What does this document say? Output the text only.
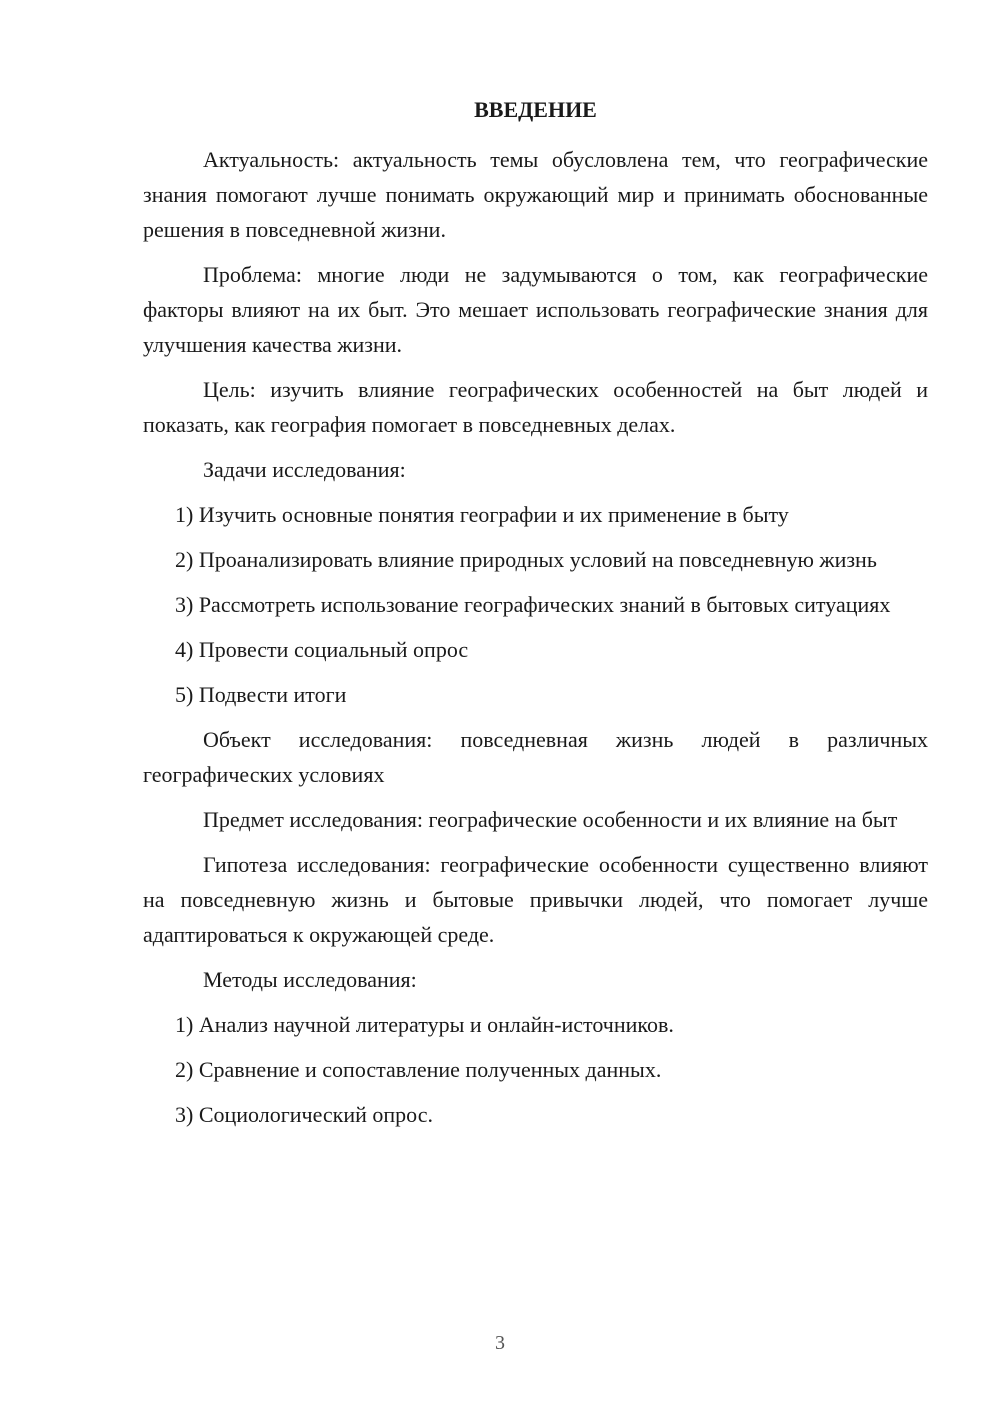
ВВЕДЕНИЕ

Актуальность: актуальность темы обусловлена тем, что географические знания помогают лучше понимать окружающий мир и принимать обоснованные решения в повседневной жизни.

Проблема: многие люди не задумываются о том, как географические факторы влияют на их быт. Это мешает использовать географические знания для улучшения качества жизни.

Цель: изучить влияние географических особенностей на быт людей и показать, как география помогает в повседневных делах.

Задачи исследования:

1) Изучить основные понятия географии и их применение в быту

2) Проанализировать влияние природных условий на повседневную жизнь

3) Рассмотреть использование географических знаний в бытовых ситуациях

4) Провести социальный опрос

5) Подвести итоги

Объект исследования: повседневная жизнь людей в различных географических условиях

Предмет исследования: географические особенности и их влияние на быт

Гипотеза исследования: географические особенности существенно влияют на повседневную жизнь и бытовые привычки людей, что помогает лучше адаптироваться к окружающей среде.

Методы исследования:

1) Анализ научной литературы и онлайн-источников.

2) Сравнение и сопоставление полученных данных.

3) Социологический опрос.

3
